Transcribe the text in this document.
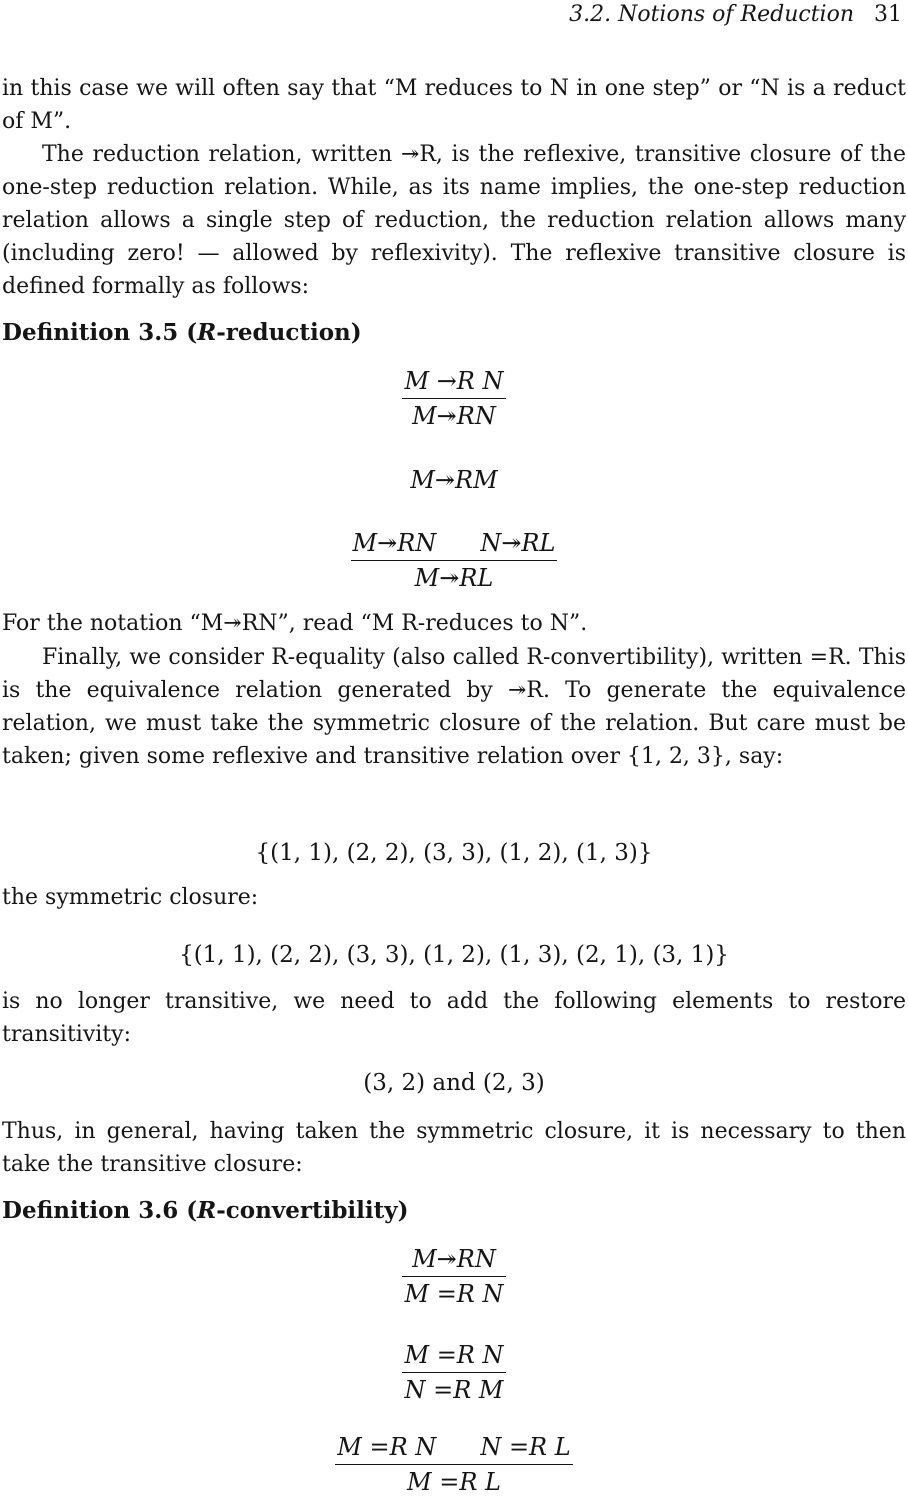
3.2. Notions of Reduction 31
in this case we will often say that “M reduces to N in one step” or “N is a reduct of M”.
The reduction relation, written ↠R, is the reflexive, transitive closure of the one-step reduction relation. While, as its name implies, the one-step reduction relation allows a single step of reduction, the reduction relation allows many (including zero! — allowed by reflexivity). The reflexive transitive closure is defined formally as follows:
Definition 3.5 (R-reduction)
$\frac{\text{M →R N}}{M↠RN}$
M↠RM
$\frac{\text{M↠RN N↠RL}}{M↠RL}$
For the notation “M↠RN”, read “M R-reduces to N”.
Finally, we consider R-equality (also called R-convertibility), written =R. This is the equivalence relation generated by ↠R. To generate the equivalence relation, we must take the symmetric closure of the relation. But care must be taken; given some reflexive and transitive relation over {1, 2, 3}, say:
{(1, 1), (2, 2), (3, 3), (1, 2), (1, 3)}
the symmetric closure:
{(1, 1), (2, 2), (3, 3), (1, 2), (1, 3), (2, 1), (3, 1)}
is no longer transitive, we need to add the following elements to restore transitivity:
(3, 2) and (2, 3)
Thus, in general, having taken the symmetric closure, it is necessary to then take the transitive closure:
Definition 3.6 (R-convertibility)
$\frac{M↠RN}{\text{M =R N}}$
$\frac{\text{M =R N}}{\text{N =R M}}$
$\frac{\text{M =R N N =R L}}{\text{M =R L}}$
